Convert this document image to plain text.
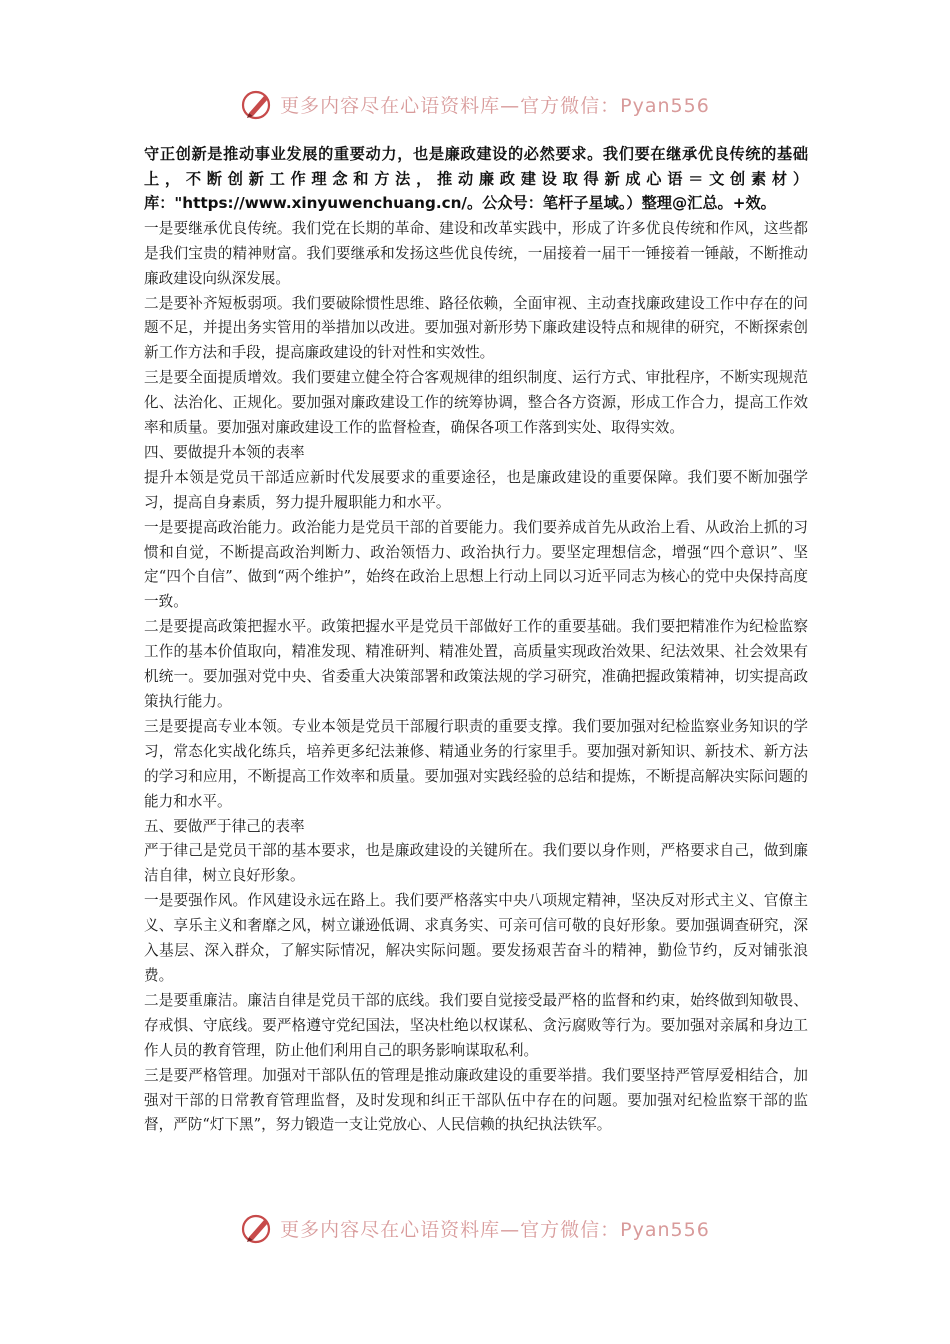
更多内容尽在心语资料库—官方微信：Pyan556

守正创新是推动事业发展的重要动力，也是廉政建设的必然要求。我们要在继承优良传统的基础上，不断创新工作理念和方法，推动廉政建设取得新成心语＝文创素材）库："https://www.xinyuwenchuang.cn/。公众号：笔杆子星域。）整理@汇总。+效。

一是要继承优良传统。我们党在长期的革命、建设和改革实践中，形成了许多优良传统和作风，这些都是我们宝贵的精神财富。我们要继承和发扬这些优良传统，一届接着一届干一锤接着一锤敲，不断推动廉政建设向纵深发展。

二是要补齐短板弱项。我们要破除惯性思维、路径依赖，全面审视、主动查找廉政建设工作中存在的问题不足，并提出务实管用的举措加以改进。要加强对新形势下廉政建设特点和规律的研究，不断探索创新工作方法和手段，提高廉政建设的针对性和实效性。

三是要全面提质增效。我们要建立健全符合客观规律的组织制度、运行方式、审批程序，不断实现规范化、法治化、正规化。要加强对廉政建设工作的统筹协调，整合各方资源，形成工作合力，提高工作效率和质量。要加强对廉政建设工作的监督检查，确保各项工作落到实处、取得实效。

四、要做提升本领的表率

提升本领是党员干部适应新时代发展要求的重要途径，也是廉政建设的重要保障。我们要不断加强学习，提高自身素质，努力提升履职能力和水平。

一是要提高政治能力。政治能力是党员干部的首要能力。我们要养成首先从政治上看、从政治上抓的习惯和自觉，不断提高政治判断力、政治领悟力、政治执行力。要坚定理想信念，增强“四个意识”、坚定“四个自信”、做到“两个维护”，始终在政治上思想上行动上同以习近平同志为核心的党中央保持高度一致。

二是要提高政策把握水平。政策把握水平是党员干部做好工作的重要基础。我们要把精准作为纪检监察工作的基本价值取向，精准发现、精准研判、精准处置，高质量实现政治效果、纪法效果、社会效果有机统一。要加强对党中央、省委重大决策部署和政策法规的学习研究，准确把握政策精神，切实提高政策执行能力。

三是要提高专业本领。专业本领是党员干部履行职责的重要支撑。我们要加强对纪检监察业务知识的学习，常态化实战化练兵，培养更多纪法兼修、精通业务的行家里手。要加强对新知识、新技术、新方法的学习和应用，不断提高工作效率和质量。要加强对实践经验的总结和提炼，不断提高解决实际问题的能力和水平。

五、要做严于律己的表率

严于律己是党员干部的基本要求，也是廉政建设的关键所在。我们要以身作则，严格要求自己，做到廉洁自律，树立良好形象。

一是要强作风。作风建设永远在路上。我们要严格落实中央八项规定精神，坚决反对形式主义、官僚主义、享乐主义和奢靡之风，树立谦逊低调、求真务实、可亲可信可敬的良好形象。要加强调查研究，深入基层、深入群众，了解实际情况，解决实际问题。要发扬艰苦奋斗的精神，勤俭节约，反对铺张浪费。

二是要重廉洁。廉洁自律是党员干部的底线。我们要自觉接受最严格的监督和约束，始终做到知敬畏、存戒惧、守底线。要严格遵守党纪国法，坚决杜绝以权谋私、贪污腐败等行为。要加强对亲属和身边工作人员的教育管理，防止他们利用自己的职务影响谋取私利。

三是要严格管理。加强对干部队伍的管理是推动廉政建设的重要举措。我们要坚持严管厚爱相结合，加强对干部的日常教育管理监督，及时发现和纠正干部队伍中存在的问题。要加强对纪检监察干部的监督，严防“灯下黑”，努力锻造一支让党放心、人民信赖的执纪执法铁军。

更多内容尽在心语资料库—官方微信：Pyan556
